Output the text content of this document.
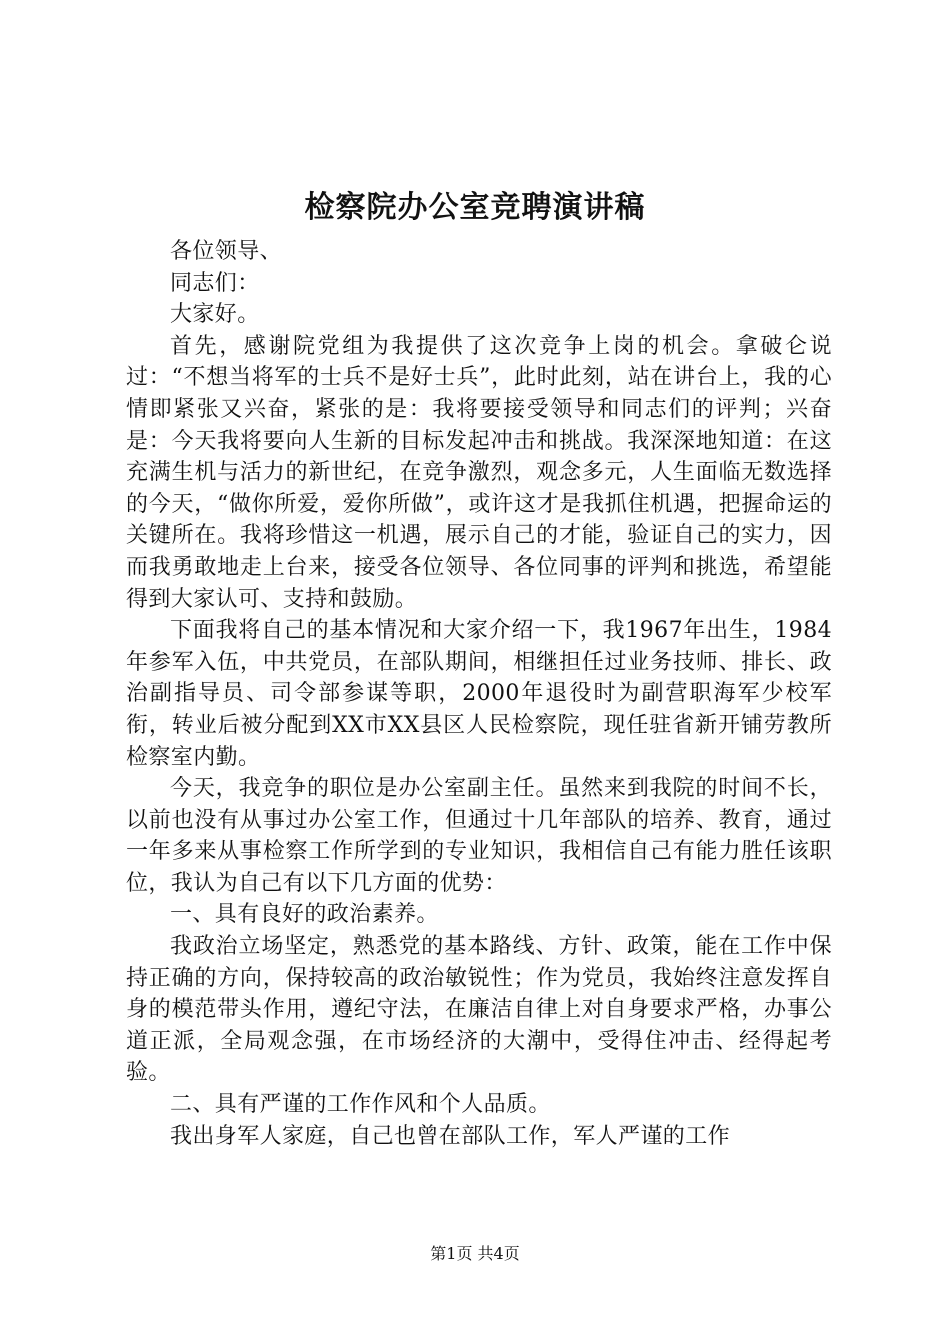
检察院办公室竞聘演讲稿

各位领导、

同志们：

大家好。

首先，感谢院党组为我提供了这次竞争上岗的机会。拿破仑说过：“不想当将军的士兵不是好士兵”，此时此刻，站在讲台上，我的心情即紧张又兴奋，紧张的是：我将要接受领导和同志们的评判；兴奋是：今天我将要向人生新的目标发起冲击和挑战。我深深地知道：在这充满生机与活力的新世纪，在竞争激烈，观念多元，人生面临无数选择的今天，“做你所爱，爱你所做”，或许这才是我抓住机遇，把握命运的关键所在。我将珍惜这一机遇，展示自己的才能，验证自己的实力，因而我勇敢地走上台来，接受各位领导、各位同事的评判和挑选，希望能得到大家认可、支持和鼓励。

下面我将自己的基本情况和大家介绍一下，我1967年出生，1984年参军入伍，中共党员，在部队期间，相继担任过业务技师、排长、政治副指导员、司令部参谋等职，2000年退役时为副营职海军少校军衔，转业后被分配到XX市XX县区人民检察院，现任驻省新开铺劳教所检察室内勤。

今天，我竞争的职位是办公室副主任。虽然来到我院的时间不长，以前也没有从事过办公室工作，但通过十几年部队的培养、教育，通过一年多来从事检察工作所学到的专业知识，我相信自己有能力胜任该职位，我认为自己有以下几方面的优势：

一、具有良好的政治素养。

我政治立场坚定，熟悉党的基本路线、方针、政策，能在工作中保持正确的方向，保持较高的政治敏锐性；作为党员，我始终注意发挥自身的模范带头作用，遵纪守法，在廉洁自律上对自身要求严格，办事公道正派，全局观念强，在市场经济的大潮中，受得住冲击、经得起考验。

二、具有严谨的工作作风和个人品质。

我出身军人家庭，自己也曾在部队工作，军人严谨的工作

第1页 共4页
